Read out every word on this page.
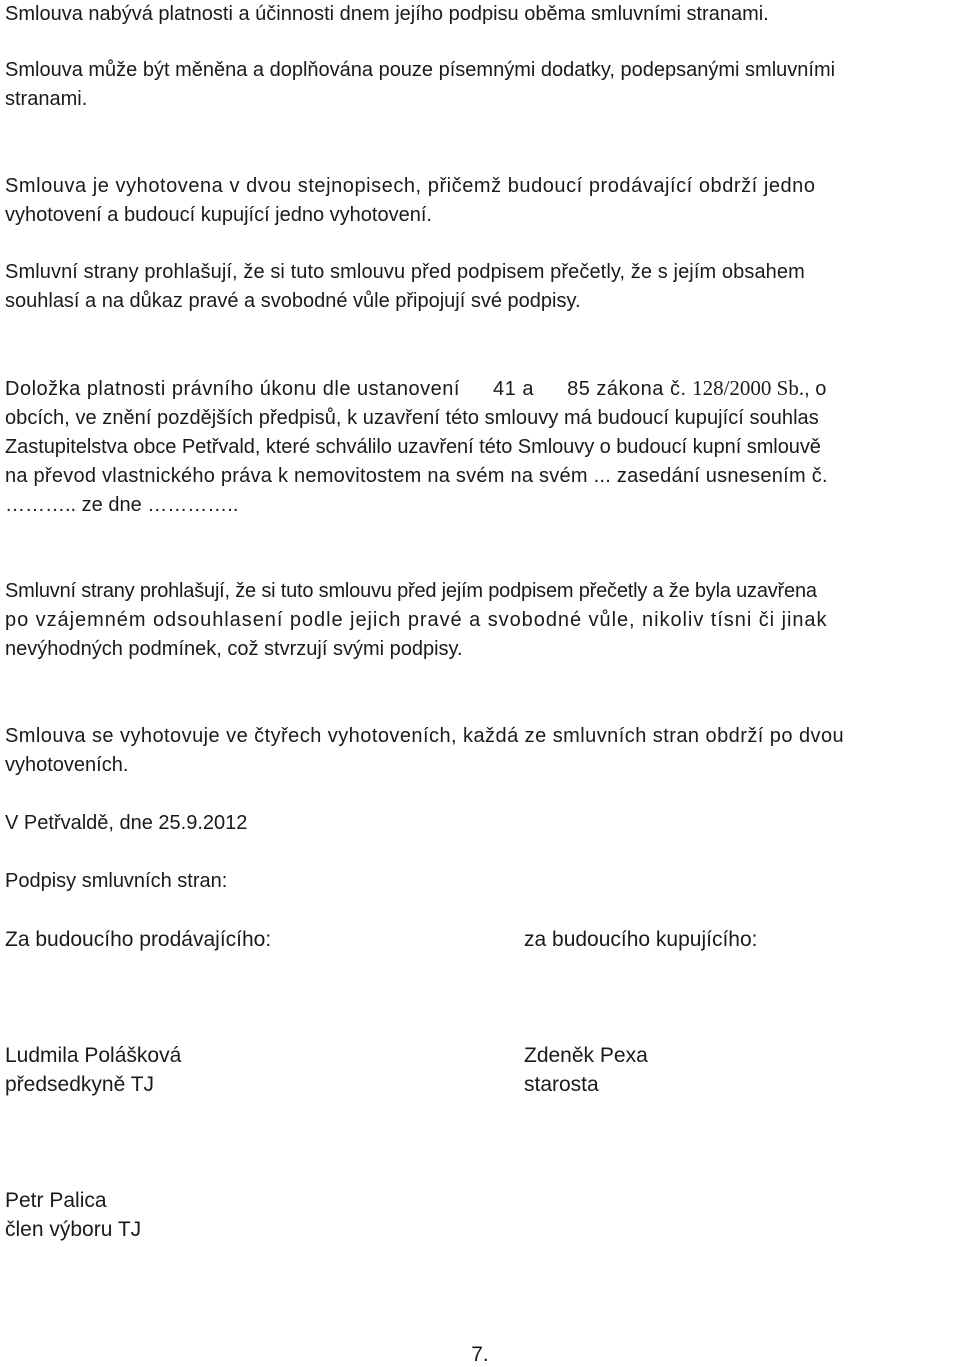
Smlouva nabývá platnosti a účinnosti dnem jejího podpisu oběma smluvními stranami.

Smlouva může být měněna a doplňována pouze písemnými dodatky, podepsanými smluvními
stranami.

Smlouva je vyhotovena v dvou stejnopisech, přičemž budoucí prodávající obdrží jedno
vyhotovení a budoucí kupující jedno vyhotovení.

Smluvní strany prohlašují, že si tuto smlouvu před podpisem přečetly, že s jejím obsahem
souhlasí a na důkaz pravé a svobodné vůle připojují své podpisy.

Doložka platnosti právního úkonu dle ustanovení 41 a 85 zákona č. 128/2000 Sb., o
obcích, ve znění pozdějších předpisů, k uzavření této smlouvy má budoucí kupující souhlas
Zastupitelstva obce Petřvald, které schválilo uzavření této Smlouvy o budoucí kupní smlouvě
na převod vlastnického práva k nemovitostem na svém na svém ... zasedání usnesením č.
……….. ze dne …………..

Smluvní strany prohlašují, že si tuto smlouvu před jejím podpisem přečetly a že byla uzavřena
po vzájemném odsouhlasení podle jejich pravé a svobodné vůle, nikoliv tísni či jinak
nevýhodných podmínek, což stvrzují svými podpisy.

Smlouva se vyhotovuje ve čtyřech vyhotoveních, každá ze smluvních stran obdrží po dvou
vyhotoveních.

V Petřvaldě, dne 25.9.2012

Podpisy smluvních stran:

Za budoucího prodávajícího:	za budoucího kupujícího:
Ludmila Polášková
předsedkyně TJ
Zdeněk Pexa
starosta
Petr Palica
člen výboru TJ
7.
